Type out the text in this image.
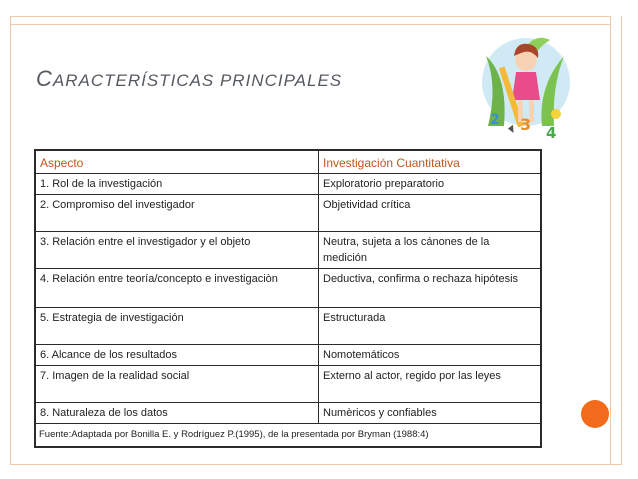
CARACTERÍSTICAS PRINCIPALES
2 3 4
Aspecto	Investigación Cuantitativa
1. Rol de la investigación	Exploratorio preparatorio
2. Compromiso del investigador	Objetividad crítica
3. Relación entre el investigador y el objeto	Neutra, sujeta a los cánones de la medición
4. Relación entre teoría/concepto e investigaciòn	Deductiva, confirma o rechaza hipótesis
5. Estrategia de investigación	Estructurada
6. Alcance de los resultados	Nomotemáticos
7. Imagen de la realidad social	Externo al actor, regido por las leyes
8. Naturaleza de los datos	Numèricos y confiables
Fuente:Adaptada por Bonilla E. y Rodríguez P.(1995), de la presentada por Bryman (1988:4)	
